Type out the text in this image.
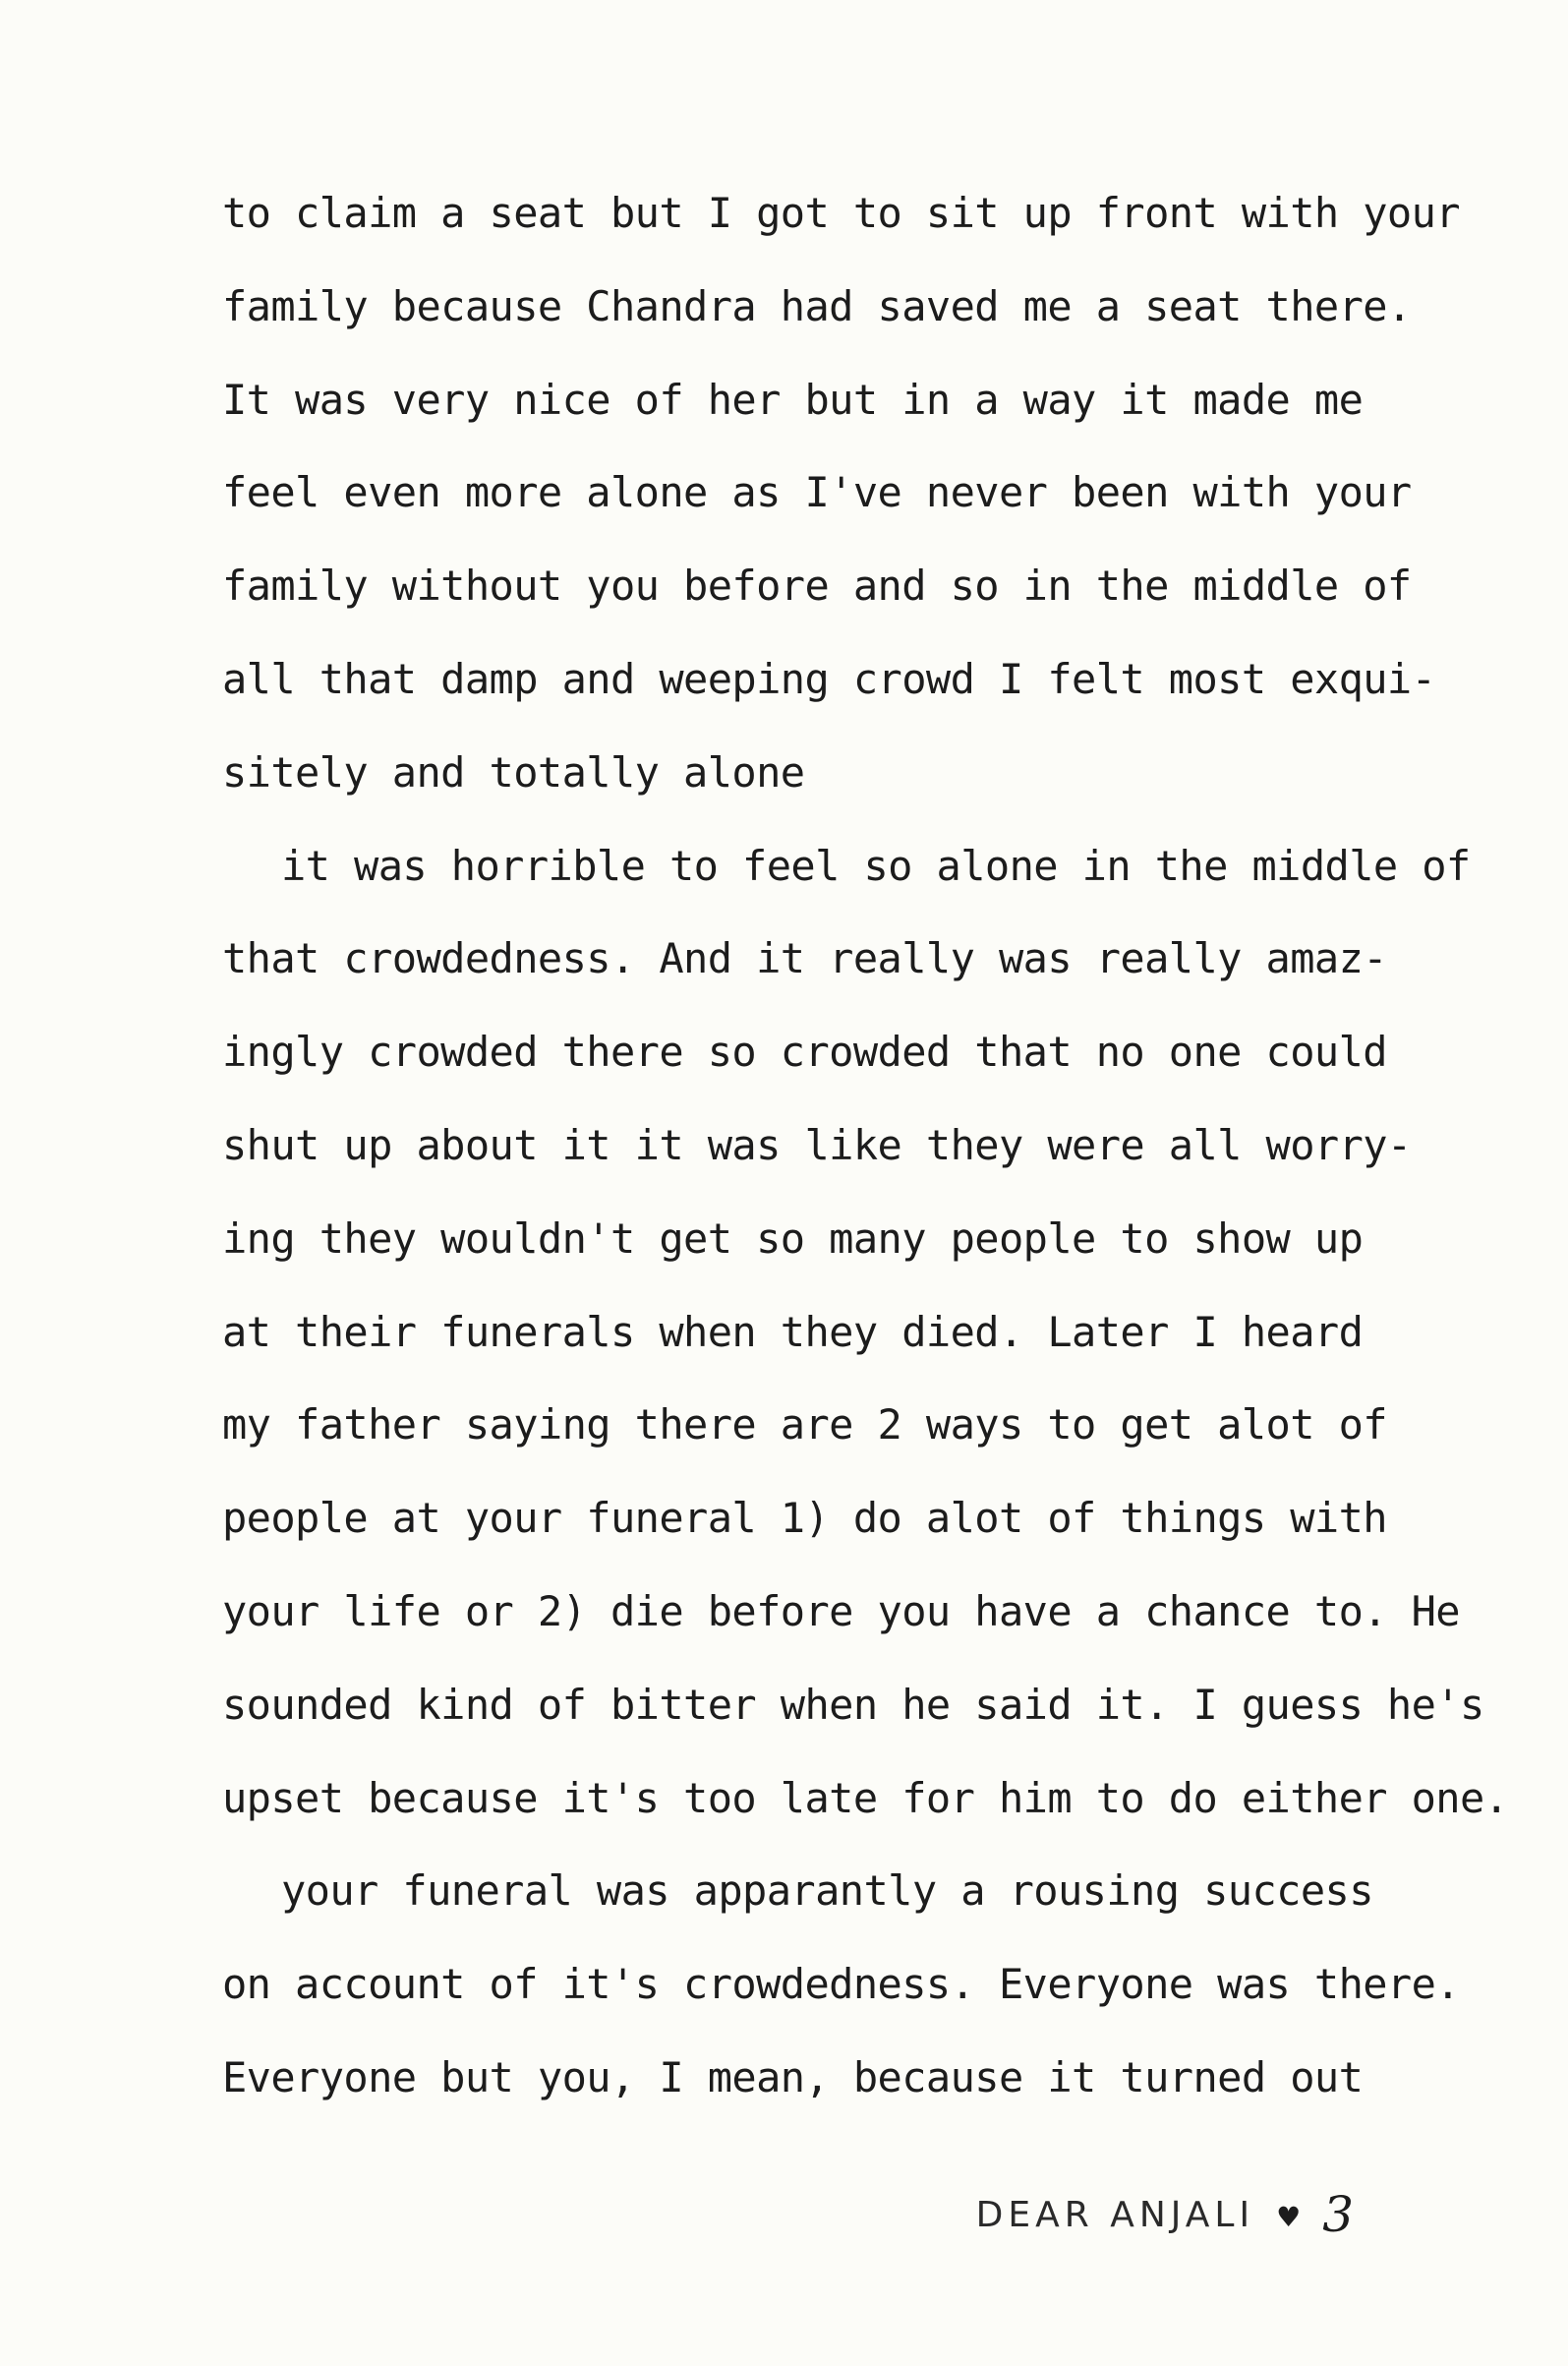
to claim a seat but I got to sit up front with your
family because Chandra had saved me a seat there.
It was very nice of her but in a way it made me
feel even more alone as I've never been with your
family without you before and so in the middle of
all that damp and weeping crowd I felt most exqui-
sitely and totally alone
it was horrible to feel so alone in the middle of
that crowdedness. And it really was really amaz-
ingly crowded there so crowded that no one could
shut up about it it was like they were all worry-
ing they wouldn't get so many people to show up
at their funerals when they died. Later I heard
my father saying there are 2 ways to get alot of
people at your funeral 1) do alot of things with
your life or 2) die before you have a chance to. He
sounded kind of bitter when he said it. I guess he's
upset because it's too late for him to do either one.
your funeral was apparantly a rousing success
on account of it's crowdedness. Everyone was there.
Everyone but you, I mean, because it turned out
DEAR ANJALI ♥ 3
